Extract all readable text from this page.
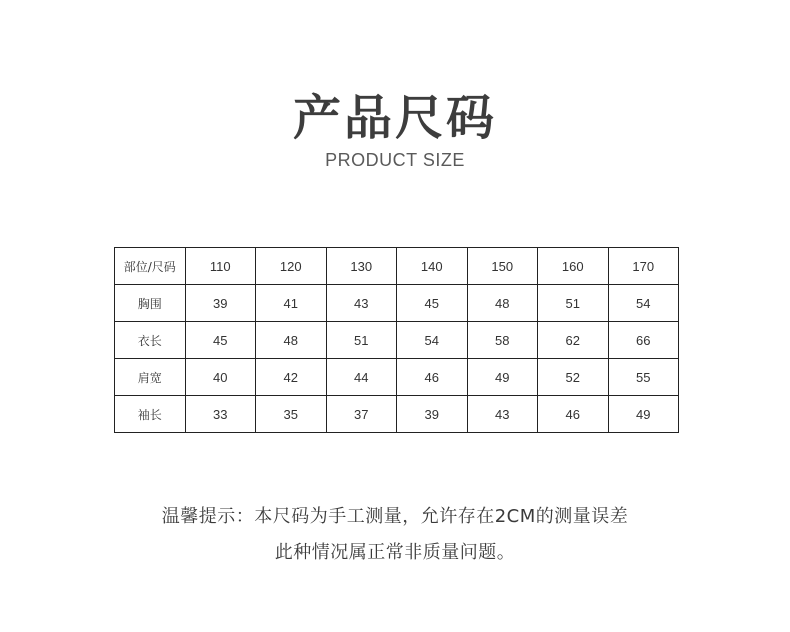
产品尺码
PRODUCT SIZE
部位/尺码	110	120	130	140	150	160	170
胸围	39	41	43	45	48	51	54
衣长	45	48	51	54	58	62	66
肩宽	40	42	44	46	49	52	55
袖长	33	35	37	39	43	46	49
温馨提示：本尺码为手工测量，允许存在2CM的测量误差
此种情况属正常非质量问题。
